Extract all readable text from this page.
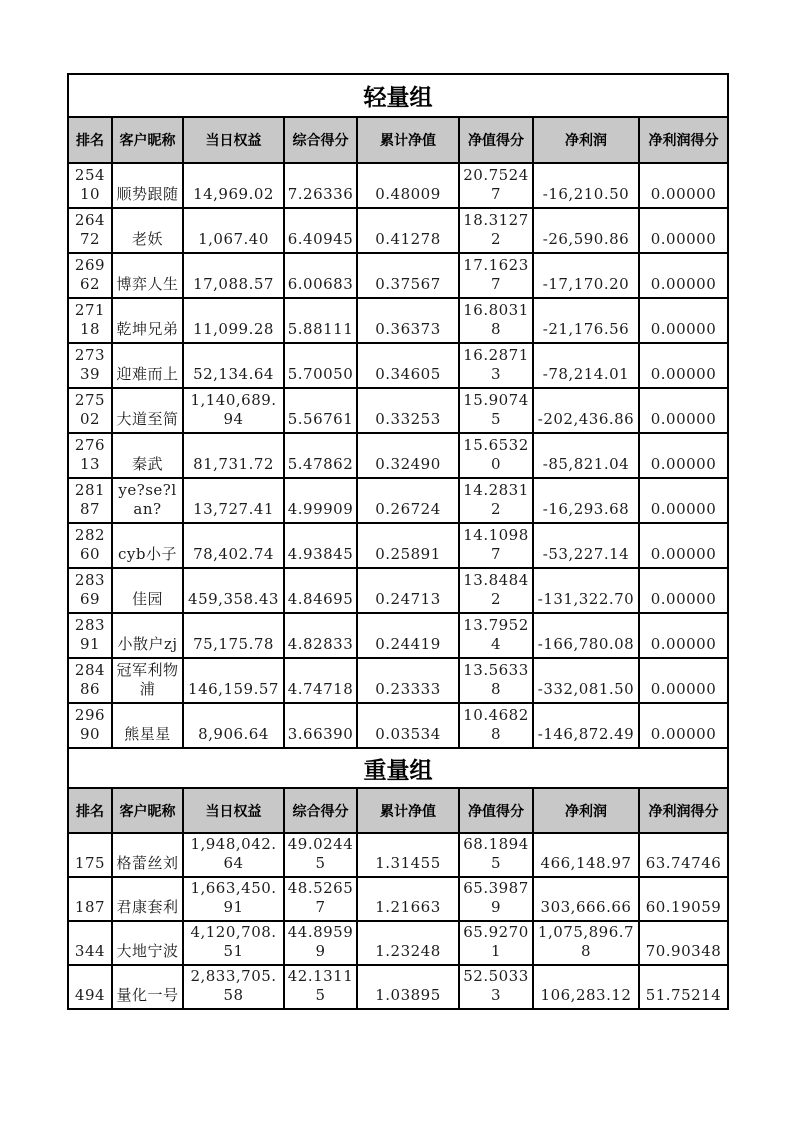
轻量组							
排名	客户昵称	当日权益	综合得分	累计净值	净值得分	净利润	净利润得分
25410	顺势跟随	14,969.02	7.26336	0.48009	20.75247	-16,210.50	0.00000
26472	老妖	1,067.40	6.40945	0.41278	18.31272	-26,590.86	0.00000
26962	博弈人生	17,088.57	6.00683	0.37567	17.16237	-17,170.20	0.00000
27118	乾坤兄弟	11,099.28	5.88111	0.36373	16.80318	-21,176.56	0.00000
27339	迎难而上	52,134.64	5.70050	0.34605	16.28713	-78,214.01	0.00000
27502	大道至简	1,140,689.94	5.56761	0.33253	15.90745	-202,436.86	0.00000
27613	秦武	81,731.72	5.47862	0.32490	15.65320	-85,821.04	0.00000
28187	ye?se?lan?	13,727.41	4.99909	0.26724	14.28312	-16,293.68	0.00000
28260	cyb小子	78,402.74	4.93845	0.25891	14.10987	-53,227.14	0.00000
28369	佳园	459,358.43	4.84695	0.24713	13.84842	-131,322.70	0.00000
28391	小散户zj	75,175.78	4.82833	0.24419	13.79524	-166,780.08	0.00000
28486	冠军利物浦	146,159.57	4.74718	0.23333	13.56338	-332,081.50	0.00000
29690	熊星星	8,906.64	3.66390	0.03534	10.46828	-146,872.49	0.00000
重量组							
排名	客户昵称	当日权益	综合得分	累计净值	净值得分	净利润	净利润得分
175	格蕾丝刘	1,948,042.64	49.02445	1.31455	68.18945	466,148.97	63.74746
187	君康套利	1,663,450.91	48.52657	1.21663	65.39879	303,666.66	60.19059
344	大地宁波	4,120,708.51	44.89599	1.23248	65.92701	1,075,896.78	70.90348
494	量化一号	2,833,705.58	42.13115	1.03895	52.50333	106,283.12	51.75214
